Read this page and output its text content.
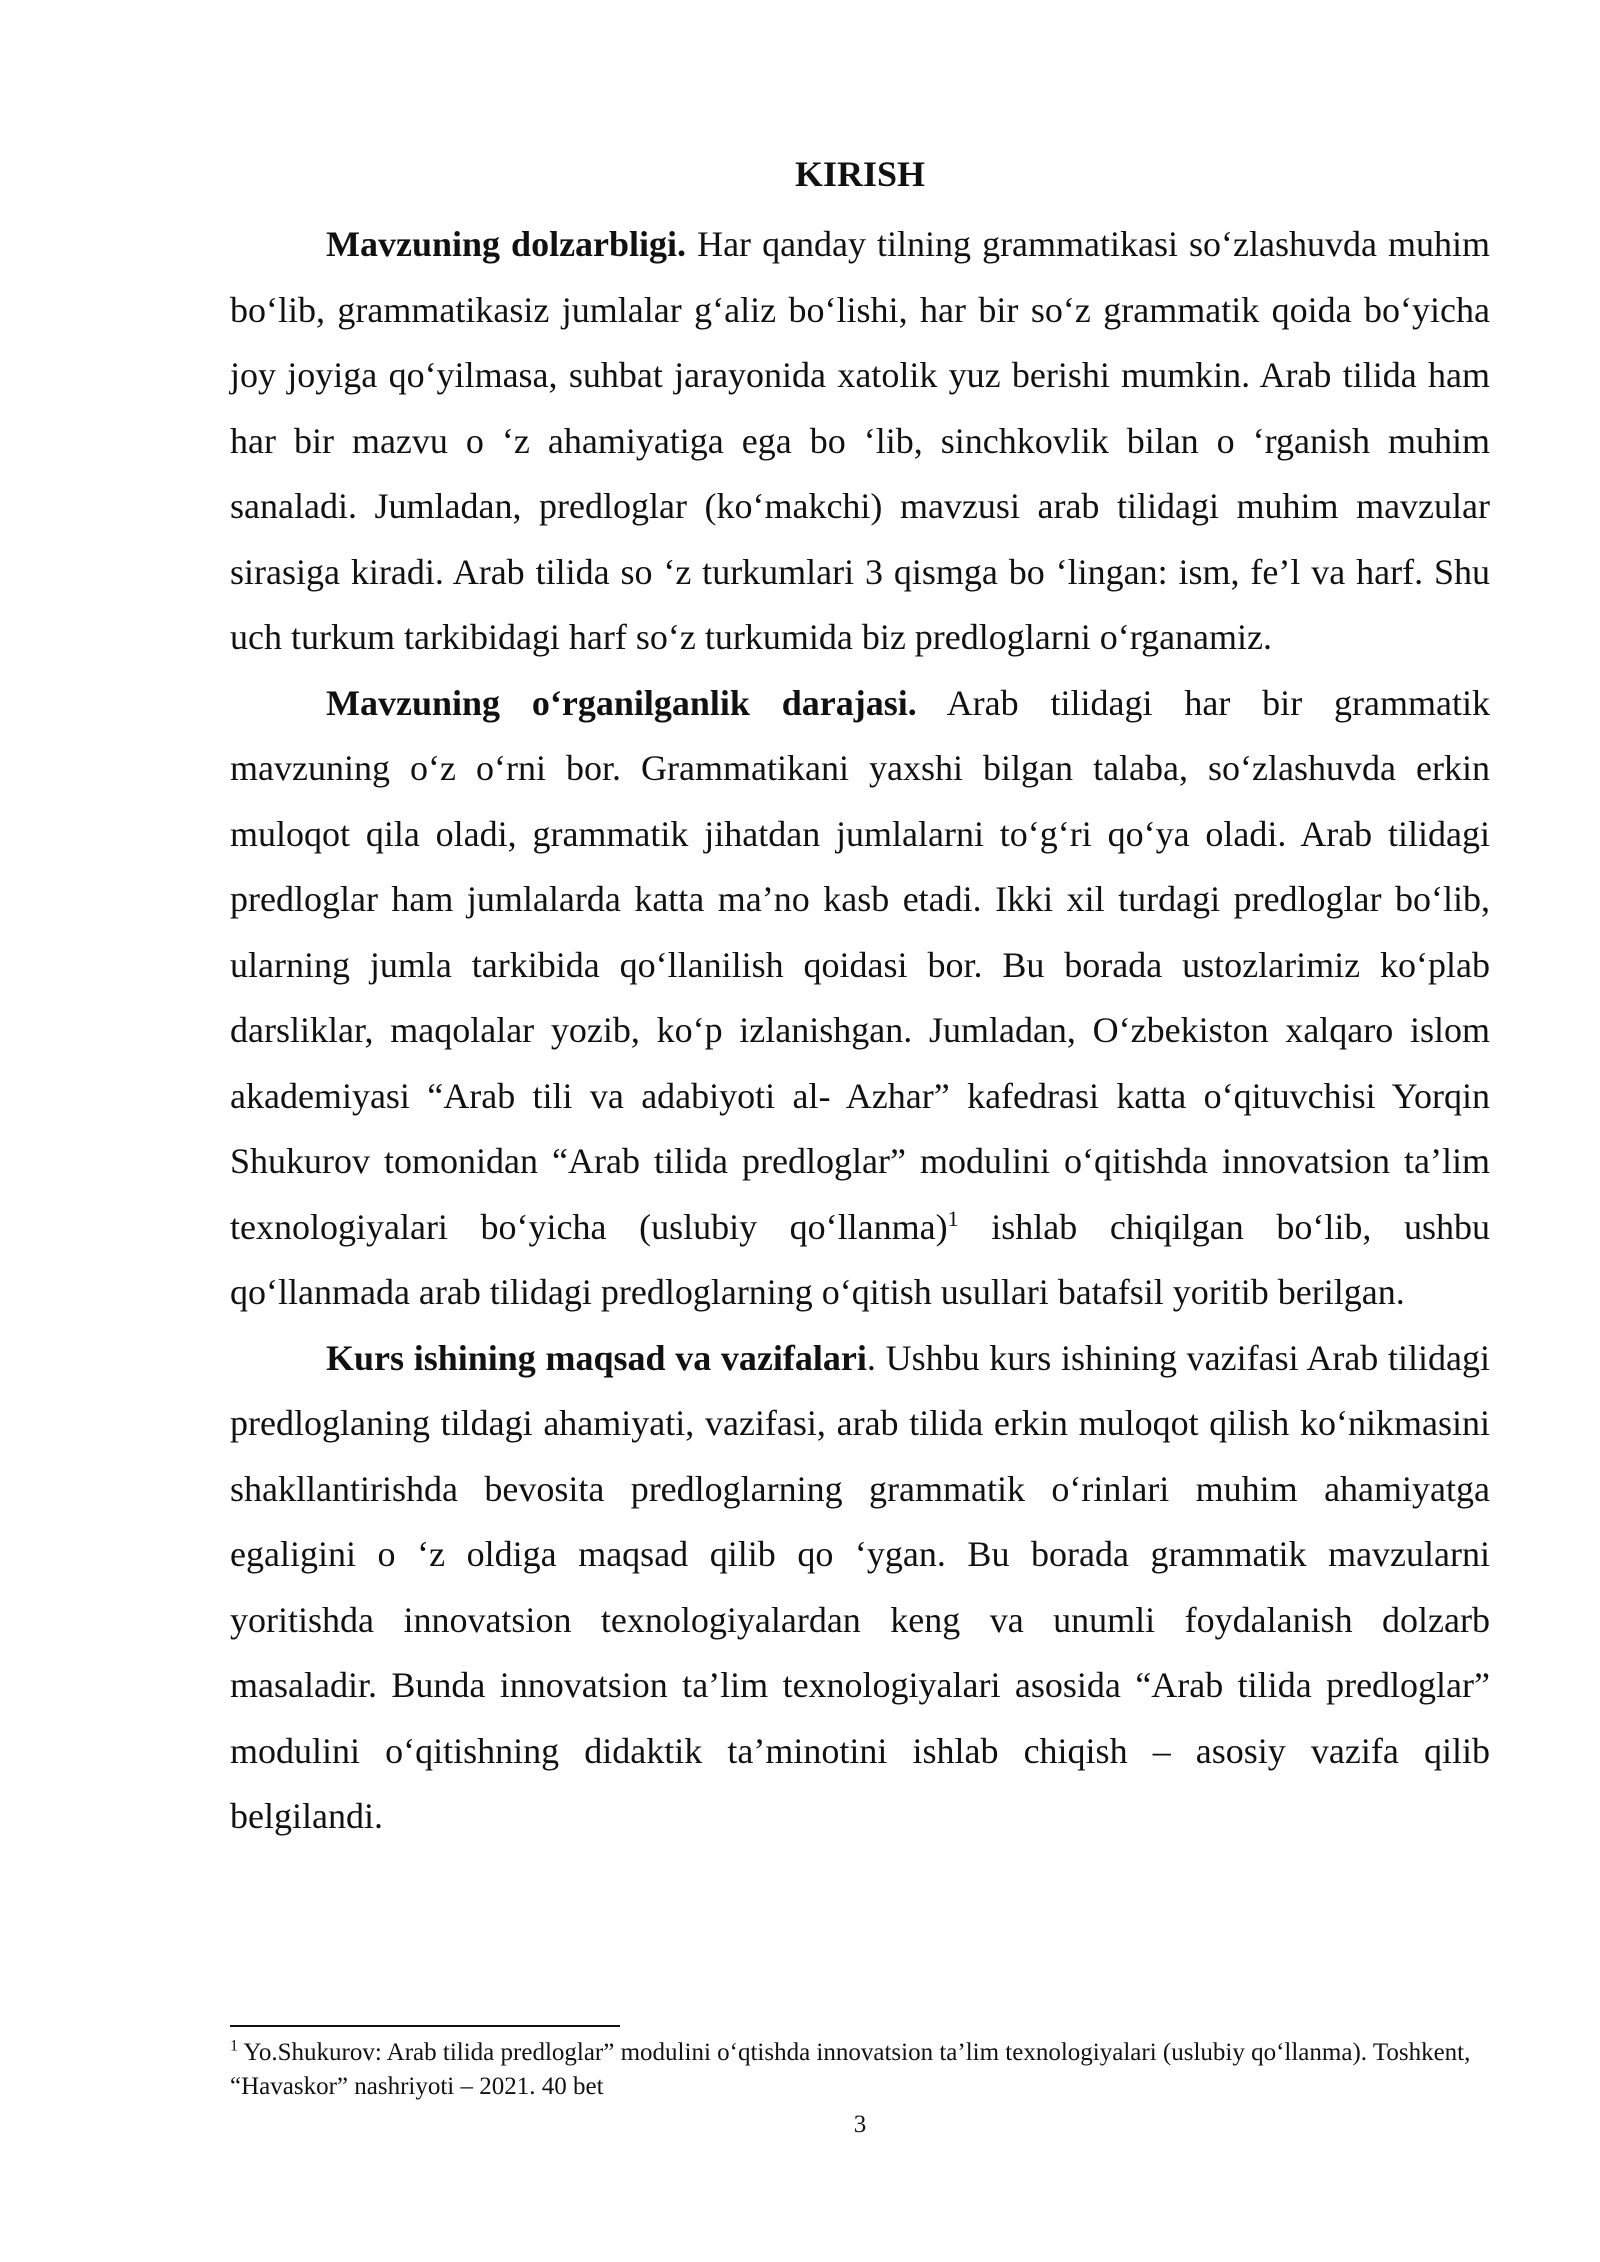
KIRISH

Mavzuning dolzarbligi. Har qanday tilning grammatikasi so‘zlashuvda muhim bo‘lib, grammatikasiz jumlalar g‘aliz bo‘lishi, har bir so‘z grammatik qoida bo‘yicha joy joyiga qo‘yilmasa, suhbat jarayonida xatolik yuz berishi mumkin. Arab tilida ham har bir mazvu o ‘z ahamiyatiga ega bo ‘lib, sinchkovlik bilan o ‘rganish muhim sanaladi. Jumladan, predloglar (ko‘makchi) mavzusi arab tilidagi muhim mavzular sirasiga kiradi. Arab tilida so ‘z turkumlari 3 qismga bo ‘lingan: ism, fe’l va harf. Shu uch turkum tarkibidagi harf so‘z turkumida biz predloglarni o‘rganamiz.

Mavzuning o‘rganilganlik darajasi. Arab tilidagi har bir grammatik mavzuning o‘z o‘rni bor. Grammatikani yaxshi bilgan talaba, so‘zlashuvda erkin muloqot qila oladi, grammatik jihatdan jumlalarni to‘g‘ri qo‘ya oladi. Arab tilidagi predloglar ham jumlalarda katta ma’no kasb etadi. Ikki xil turdagi predloglar bo‘lib, ularning jumla tarkibida qo‘llanilish qoidasi bor. Bu borada ustozlarimiz ko‘plab darsliklar, maqolalar yozib, ko‘p izlanishgan. Jumladan, O‘zbekiston xalqaro islom akademiyasi “Arab tili va adabiyoti al- Azhar” kafedrasi katta o‘qituvchisi Yorqin Shukurov tomonidan “Arab tilida predloglar” modulini o‘qitishda innovatsion ta’lim texnologiyalari bo‘yicha (uslubiy qo‘llanma)$^1$ ishlab chiqilgan bo‘lib, ushbu qo‘llanmada arab tilidagi predloglarning o‘qitish usullari batafsil yoritib berilgan.

Kurs ishining maqsad va vazifalari. Ushbu kurs ishining vazifasi Arab tilidagi predloglaning tildagi ahamiyati, vazifasi, arab tilida erkin muloqot qilish ko‘nikmasini shakllantirishda bevosita predloglarning grammatik o‘rinlari muhim ahamiyatga egaligini o ‘z oldiga maqsad qilib qo ‘ygan. Bu borada grammatik mavzularni yoritishda innovatsion texnologiyalardan keng va unumli foydalanish dolzarb masaladir. Bunda innovatsion ta’lim texnologiyalari asosida “Arab tilida predloglar” modulini o‘qitishning didaktik ta’minotini ishlab chiqish – asosiy vazifa qilib belgilandi.

$^1$ Yo.Shukurov: Arab tilida predloglar” modulini o‘qtishda innovatsion ta’lim texnologiyalari (uslubiy qo‘llanma). Toshkent, “Havaskor” nashriyoti – 2021. 40 bet

3
